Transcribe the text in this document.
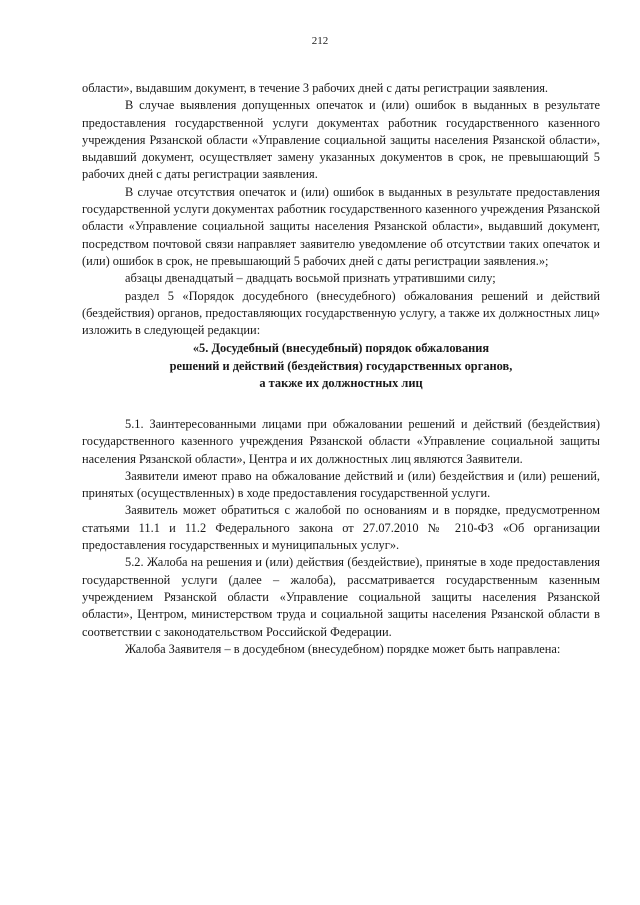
212

области», выдавшим документ, в течение 3 рабочих дней с даты регистрации заявления.

В случае выявления допущенных опечаток и (или) ошибок в выданных в результате предоставления государственной услуги документах работник государственного казенного учреждения Рязанской области «Управление социальной защиты населения Рязанской области», выдавший документ, осуществляет замену указанных документов в срок, не превышающий 5 рабочих дней с даты регистрации заявления.

В случае отсутствия опечаток и (или) ошибок в выданных в результате предоставления государственной услуги документах работник государственного казенного учреждения Рязанской области «Управление социальной защиты населения Рязанской области», выдавший документ, посредством почтовой связи направляет заявителю уведомление об отсутствии таких опечаток и (или) ошибок в срок, не превышающий 5 рабочих дней с даты регистрации заявления.»;

абзацы двенадцатый – двадцать восьмой признать утратившими силу;

раздел 5 «Порядок досудебного (внесудебного) обжалования решений и действий (бездействия) органов, предоставляющих государственную услугу, а также их должностных лиц» изложить в следующей редакции:

«5. Досудебный (внесудебный) порядок обжалования
решений и действий (бездействия) государственных органов,
а также их должностных лиц

5.1. Заинтересованными лицами при обжаловании решений и действий (бездействия) государственного казенного учреждения Рязанской области «Управление социальной защиты населения Рязанской области», Центра и их должностных лиц являются Заявители.

Заявители имеют право на обжалование действий и (или) бездействия и (или) решений, принятых (осуществленных) в ходе предоставления государственной услуги.

Заявитель может обратиться с жалобой по основаниям и в порядке, предусмотренном статьями 11.1 и 11.2 Федерального закона от 27.07.2010 № 210-ФЗ «Об организации предоставления государственных и муниципальных услуг».

5.2. Жалоба на решения и (или) действия (бездействие), принятые в ходе предоставления государственной услуги (далее – жалоба), рассматривается государственным казенным учреждением Рязанской области «Управление социальной защиты населения Рязанской области», Центром, министерством труда и социальной защиты населения Рязанской области в соответствии с законодательством Российской Федерации.

Жалоба Заявителя – в досудебном (внесудебном) порядке может быть направлена:
